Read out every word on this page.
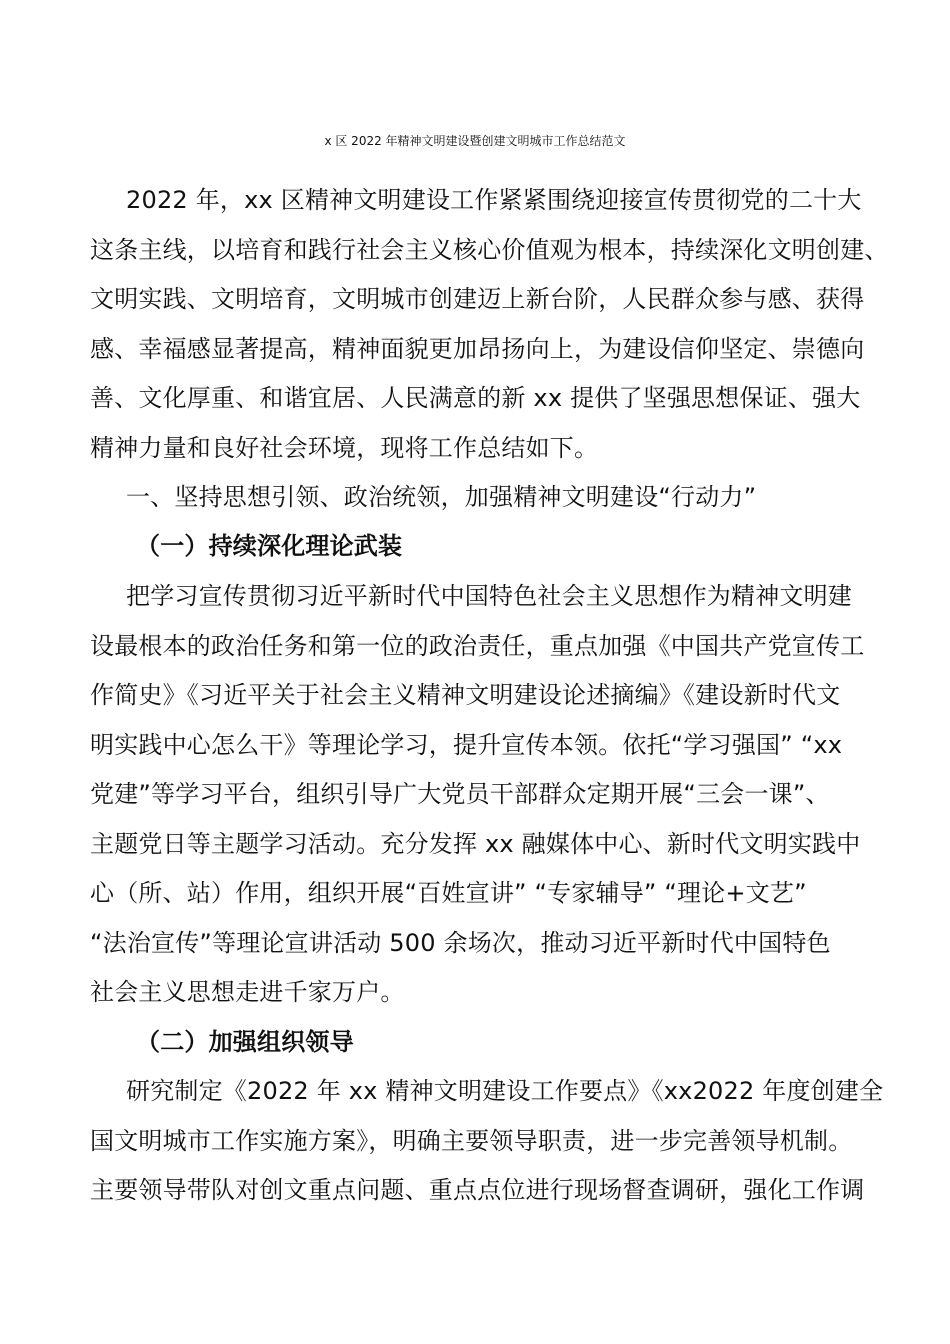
x 区 2022 年精神文明建设暨创建文明城市工作总结范文
2022 年，xx 区精神文明建设工作紧紧围绕迎接宣传贯彻党的二十大
这条主线，以培育和践行社会主义核心价值观为根本，持续深化文明创建、
文明实践、文明培育，文明城市创建迈上新台阶，人民群众参与感、获得
感、幸福感显著提高，精神面貌更加昂扬向上，为建设信仰坚定、崇德向
善、文化厚重、和谐宜居、人民满意的新 xx 提供了坚强思想保证、强大
精神力量和良好社会环境，现将工作总结如下。
一、坚持思想引领、政治统领，加强精神文明建设“行动力”
（一）持续深化理论武装
把学习宣传贯彻习近平新时代中国特色社会主义思想作为精神文明建
设最根本的政治任务和第一位的政治责任，重点加强《中国共产党宣传工
作简史》《习近平关于社会主义精神文明建设论述摘编》《建设新时代文
明实践中心怎么干》等理论学习，提升宣传本领。依托“学习强国” “xx
党建”等学习平台，组织引导广大党员干部群众定期开展“三会一课”、
主题党日等主题学习活动。充分发挥 xx 融媒体中心、新时代文明实践中
心（所、站）作用，组织开展“百姓宣讲” “专家辅导” “理论+文艺”
“法治宣传”等理论宣讲活动 500 余场次，推动习近平新时代中国特色
社会主义思想走进千家万户。
（二）加强组织领导
研究制定《2022 年 xx 精神文明建设工作要点》《xx2022 年度创建全
国文明城市工作实施方案》，明确主要领导职责，进一步完善领导机制。
主要领导带队对创文重点问题、重点点位进行现场督查调研，强化工作调
